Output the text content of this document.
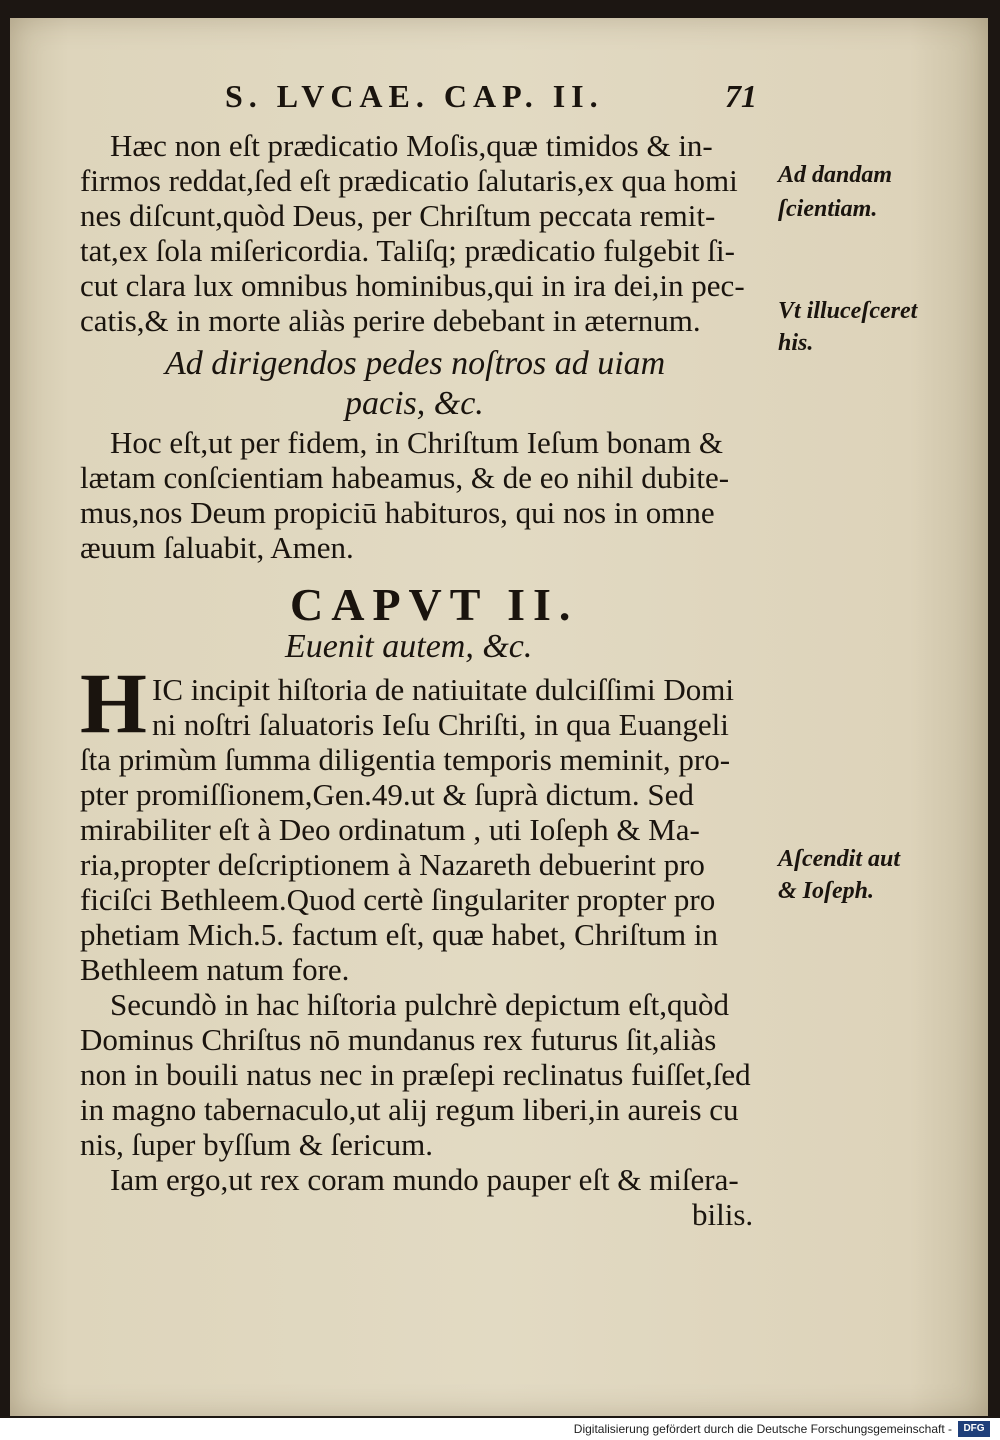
S. LVCAE. CAP. II.	71
Hæc non eſt prædicatio Moſis,quæ timidos & in-
firmos reddat,ſed eſt prædicatio ſalutaris,ex qua homi
nes diſcunt,quòd Deus, per Chriſtum peccata remit-
tat,ex ſola miſericordia. Taliſq; prædicatio fulgebit ſi-
cut clara lux omnibus hominibus,qui in ira dei,in pec-
catis,& in morte aliàs perire debebant in æternum.
Ad dirigendos pedes noſtros ad uiam
pacis, &c.
Hoc eſt,ut per fidem, in Chriſtum Ieſum bonam &
lætam conſcientiam habeamus, & de eo nihil dubite-
mus,nos Deum propiciū habituros, qui nos in omne
æuum ſaluabit, Amen.
CAPVT II.
Euenit autem, &c.
H IC incipit hiſtoria de natiuitate dulciſſimi Domi
ni noſtri ſaluatoris Ieſu Chriſti, in qua Euangeli
ſta primùm ſumma diligentia temporis meminit, pro-
pter promiſſionem,Gen.49.ut & ſuprà dictum. Sed
mirabiliter eſt à Deo ordinatum , uti Ioſeph & Ma-
ria,propter deſcriptionem à Nazareth debuerint pro
ficiſci Bethleem.Quod certè ſingulariter propter pro
phetiam Mich.5. factum eſt, quæ habet, Chriſtum in
Bethleem natum fore.
Secundò in hac hiſtoria pulchrè depictum eſt,quòd
Dominus Chriſtus nō mundanus rex futurus ſit,aliàs
non in bouili natus nec in præſepi reclinatus fuiſſet,ſed
in magno tabernaculo,ut alij regum liberi,in aureis cu
nis, ſuper byſſum & ſericum.
Iam ergo,ut rex coram mundo pauper eſt & miſera-
bilis.
Ad dandam
ſcientiam.
Vt illuceſceret
his.
Aſcendit aut
& Ioſeph.
Digitalisierung gefördert durch die Deutsche Forschungsgemeinschaft -	DFG
